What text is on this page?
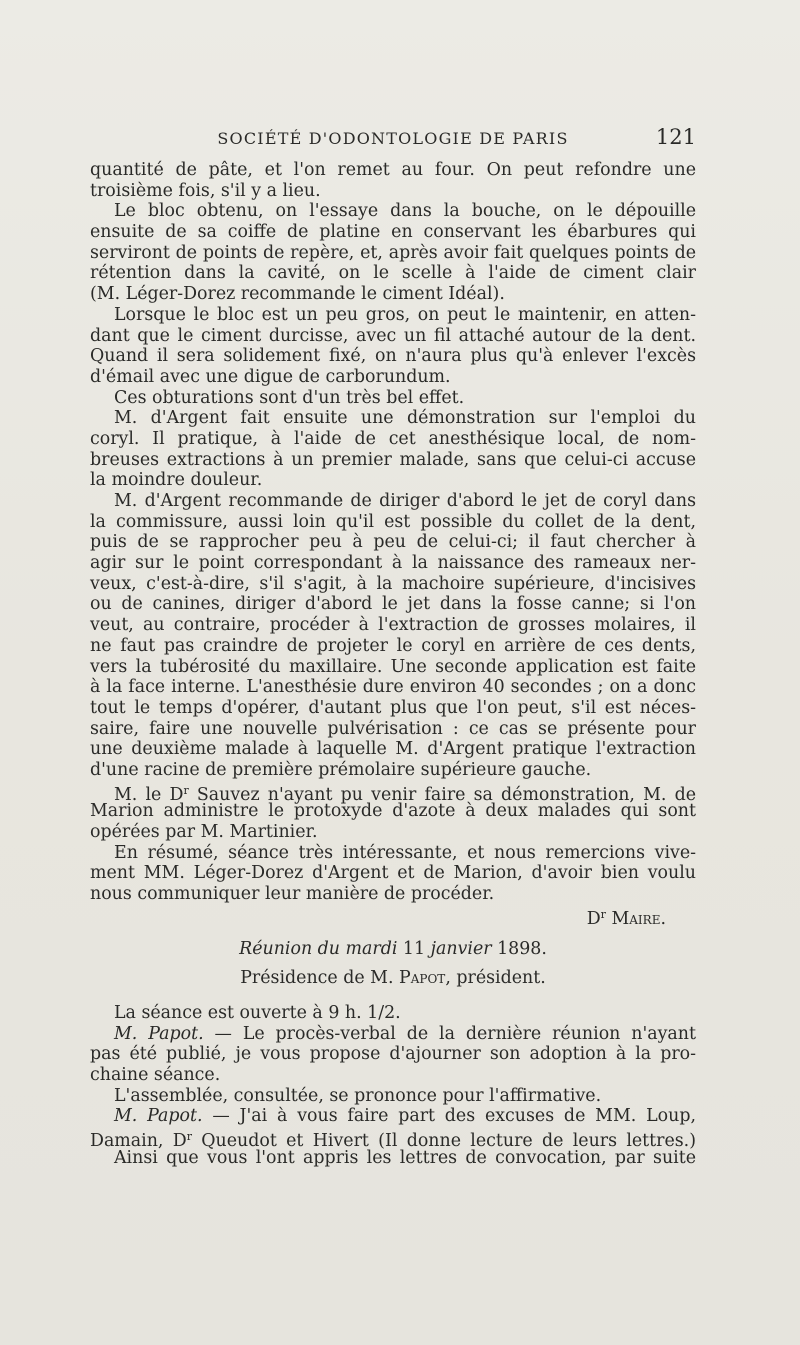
SOCIÉTÉ D'ODONTOLOGIE DE PARIS	121
quantité de pâte, et l'on remet au four. On peut refondre une
troisième fois, s'il y a lieu.
Le bloc obtenu, on l'essaye dans la bouche, on le dépouille
ensuite de sa coiffe de platine en conservant les ébarbures qui
serviront de points de repère, et, après avoir fait quelques points de
rétention dans la cavité, on le scelle à l'aide de ciment clair
(M. Léger-Dorez recommande le ciment Idéal).
Lorsque le bloc est un peu gros, on peut le maintenir, en atten-
dant que le ciment durcisse, avec un fil attaché autour de la dent.
Quand il sera solidement fixé, on n'aura plus qu'à enlever l'excès
d'émail avec une digue de carborundum.
Ces obturations sont d'un très bel effet.
M. d'Argent fait ensuite une démonstration sur l'emploi du
coryl. Il pratique, à l'aide de cet anesthésique local, de nom-
breuses extractions à un premier malade, sans que celui-ci accuse
la moindre douleur.
M. d'Argent recommande de diriger d'abord le jet de coryl dans
la commissure, aussi loin qu'il est possible du collet de la dent,
puis de se rapprocher peu à peu de celui-ci; il faut chercher à
agir sur le point correspondant à la naissance des rameaux ner-
veux, c'est-à-dire, s'il s'agit, à la machoire supérieure, d'incisives
ou de canines, diriger d'abord le jet dans la fosse canne; si l'on
veut, au contraire, procéder à l'extraction de grosses molaires, il
ne faut pas craindre de projeter le coryl en arrière de ces dents,
vers la tubérosité du maxillaire. Une seconde application est faite
à la face interne. L'anesthésie dure environ 40 secondes ; on a donc
tout le temps d'opérer, d'autant plus que l'on peut, s'il est néces-
saire, faire une nouvelle pulvérisation : ce cas se présente pour
une deuxième malade à laquelle M. d'Argent pratique l'extraction
d'une racine de première prémolaire supérieure gauche.
M. le $D^r$ Sauvez n'ayant pu venir faire sa démonstration, M. de
Marion administre le protoxyde d'azote à deux malades qui sont
opérées par M. Martinier.
En résumé, séance très intéressante, et nous remercions vive-
ment MM. Léger-Dorez d'Argent et de Marion, d'avoir bien voulu
nous communiquer leur manière de procéder.
$D^r$ Maire.
Réunion du mardi 11 janvier 1898.
Présidence de M. Papot, président.
La séance est ouverte à 9 h. 1/2.
M. Papot. — Le procès-verbal de la dernière réunion n'ayant
pas été publié, je vous propose d'ajourner son adoption à la pro-
chaine séance.
L'assemblée, consultée, se prononce pour l'affirmative.
M. Papot. — J'ai à vous faire part des excuses de MM. Loup,
Damain, $D^r$ Queudot et Hivert (Il donne lecture de leurs lettres.)
Ainsi que vous l'ont appris les lettres de convocation, par suite
